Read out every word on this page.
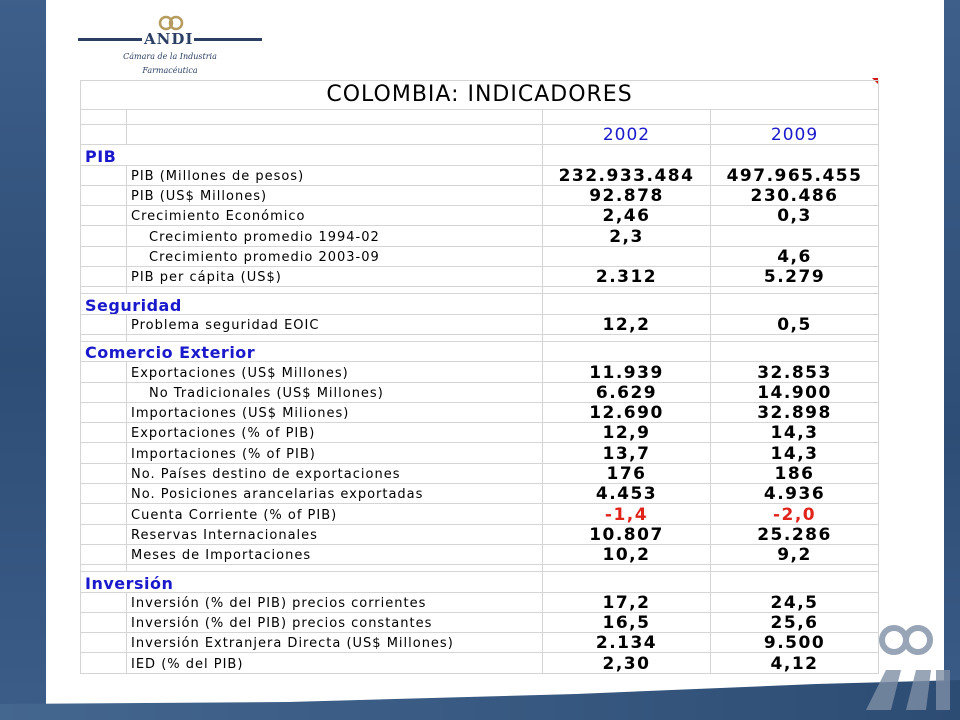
ANDI
Cámara de la Industria
Farmacéutica
COLOMBIA: INDICADORES			

		2002	2009
PIB			
	PIB (Millones de pesos)	232.933.484	497.965.455
	PIB (US$ Millones)	92.878	230.486
	Crecimiento Económico	2,46	0,3
	Crecimiento promedio 1994-02	2,3	
	Crecimiento promedio 2003-09		4,6
	PIB per cápita (US$)	2.312	5.279

Seguridad			
	Problema seguridad EOIC	12,2	0,5

Comercio Exterior			
	Exportaciones (US$ Millones)	11.939	32.853
	No Tradicionales (US$ Millones)	6.629	14.900
	Importaciones (US$ Miliones)	12.690	32.898
	Exportaciones (% of PIB)	12,9	14,3
	Importaciones (% of PIB)	13,7	14,3
	No. Países destino de exportaciones	176	186
	No. Posiciones arancelarias exportadas	4.453	4.936
	Cuenta Corriente (% of PIB)	-1,4	-2,0
	Reservas Internacionales	10.807	25.286
	Meses de Importaciones	10,2	9,2

Inversión			
	Inversión (% del PIB) precios corrientes	17,2	24,5
	Inversión (% del PIB) precios constantes	16,5	25,6
	Inversión Extranjera Directa (US$ Millones)	2.134	9.500
	IED (% del PIB)	2,30	4,12
